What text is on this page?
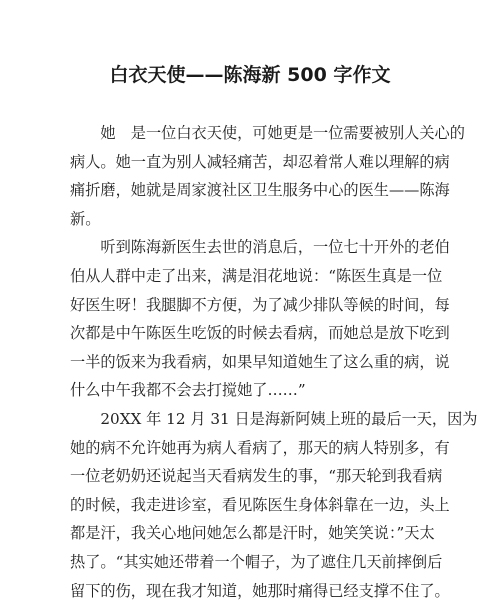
白衣天使——陈海新 500 字作文
　　她　是一位白衣天使，可她更是一位需要被别人关心的
病人。她一直为别人减轻痛苦，却忍着常人难以理解的病
痛折磨，她就是周家渡社区卫生服务中心的医生——陈海
新。
　　听到陈海新医生去世的消息后，一位七十开外的老伯
伯从人群中走了出来，满是泪花地说：“陈医生真是一位
好医生呀！我腿脚不方便，为了减少排队等候的时间，每
次都是中午陈医生吃饭的时候去看病，而她总是放下吃到
一半的饭来为我看病，如果早知道她生了这么重的病，说
什么中午我都不会去打搅她了……”
　　20XX 年 12 月 31 日是海新阿姨上班的最后一天，因为
她的病不允许她再为病人看病了，那天的病人特别多，有
一位老奶奶还说起当天看病发生的事，“那天轮到我看病
的时候，我走进诊室，看见陈医生身体斜靠在一边，头上
都是汗，我关心地问她怎么都是汗时，她笑笑说：”天太
热了。“其实她还带着一个帽子，为了遮住几天前摔倒后
留下的伤，现在我才知道，她那时痛得已经支撑不住了。
